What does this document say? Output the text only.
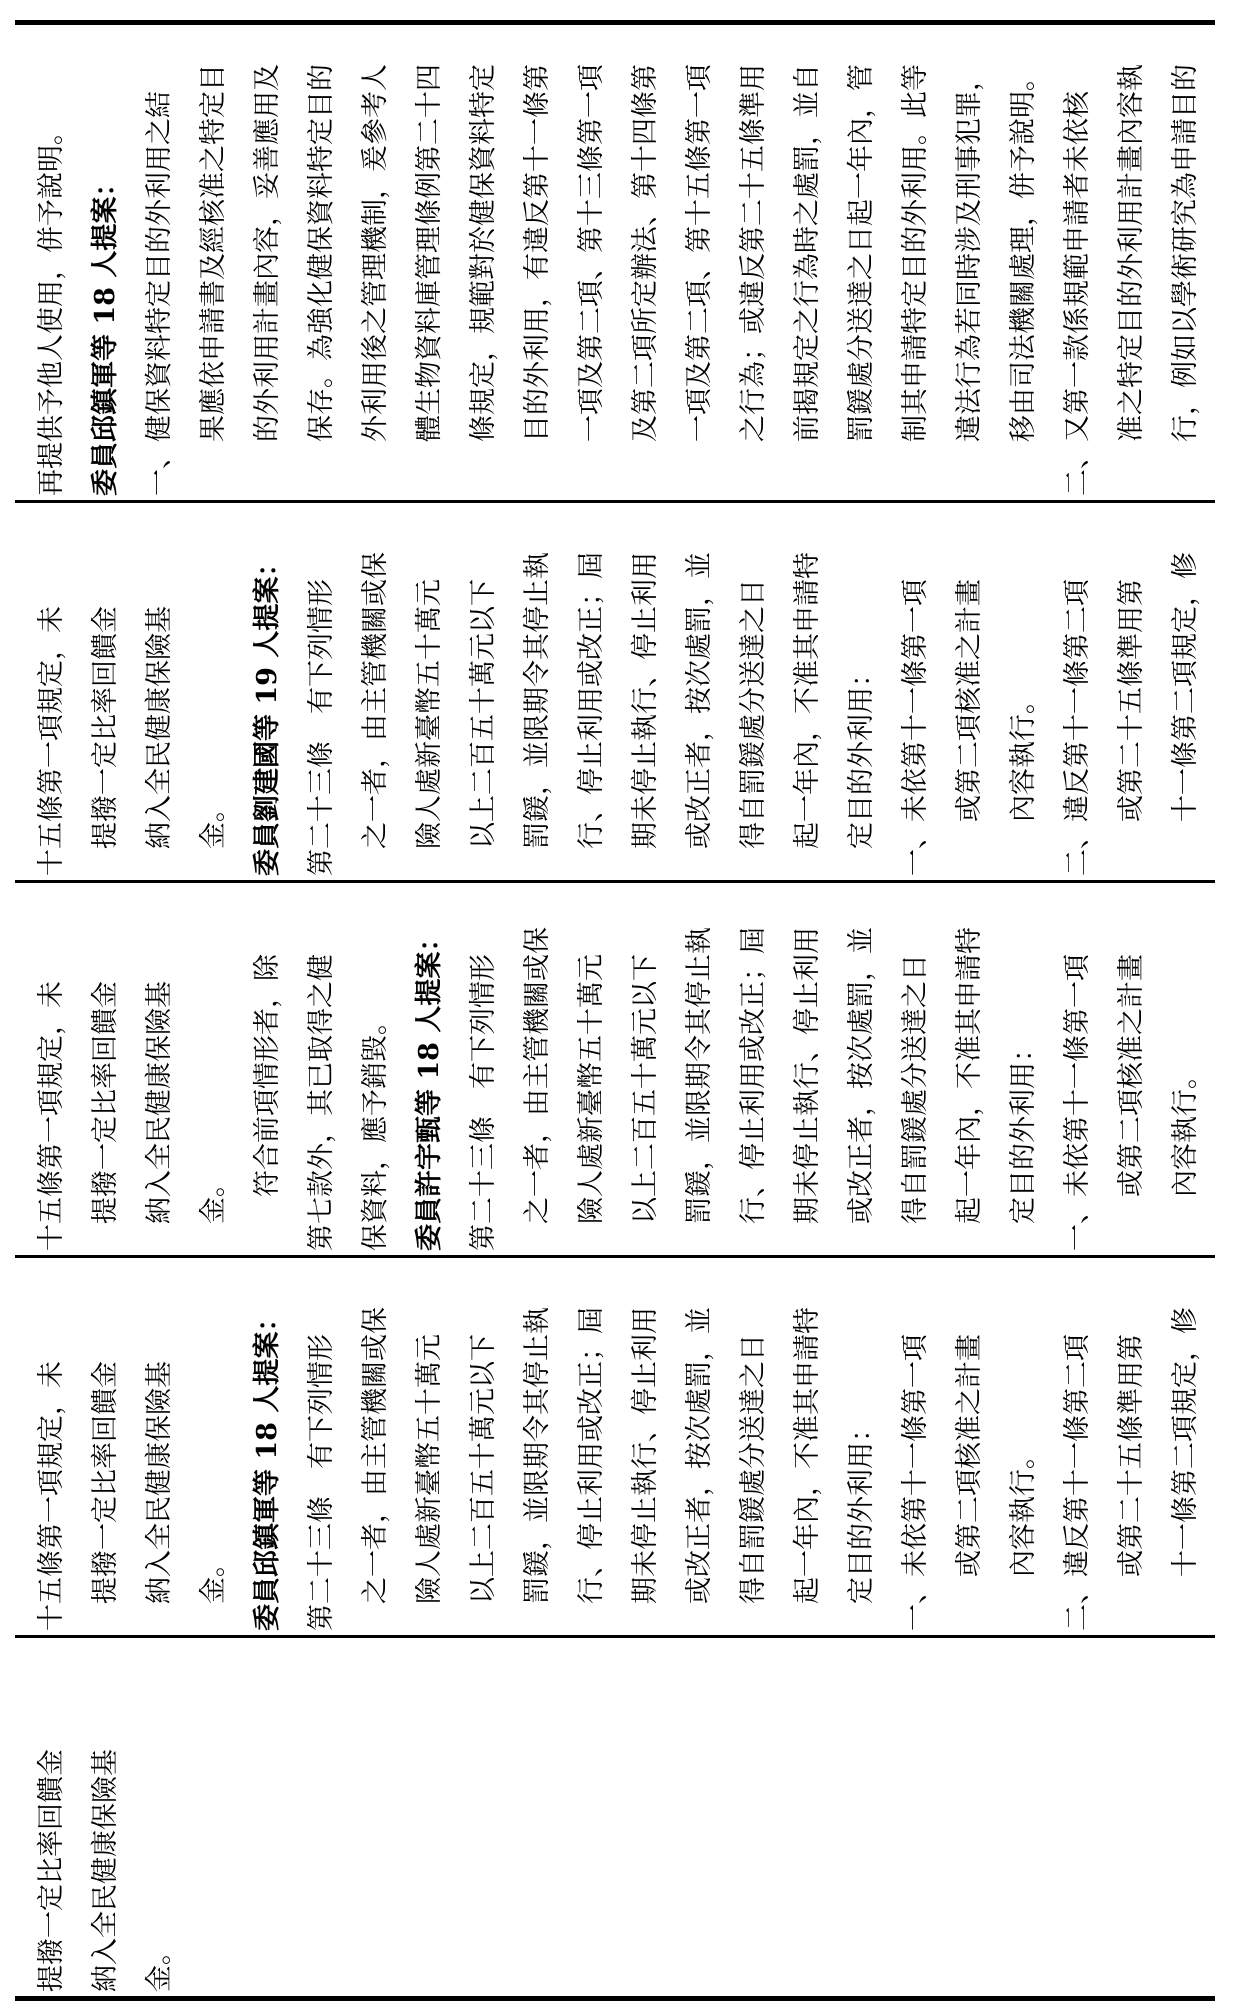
再提供予他人使用，併予說明。 委員邱鎮軍等 18 人提案： 一、健保資料特定目的外利用之結 果應依申請書及經核准之特定目 的外利用計畫內容，妥善應用及 保存。為強化健保資料特定目的 外利用後之管理機制，爰參考人 體生物資料庫管理條例第二十四 條規定，規範對於健保資料特定 目的外利用，有違反第十一條第 一項及第二項、第十三條第一項 及第二項所定辦法、第十四條第 一項及第二項、第十五條第一項 之行為；或違反第二十五條準用 前揭規定之行為時之處罰，並自 罰鍰處分送達之日起一年內，管 制其申請特定目的外利用。此等 違法行為若同時涉及刑事犯罪， 移由司法機關處理，併予說明。 二、又第一款係規範申請者未依核 准之特定目的外利用計畫內容執 行，例如以學術研究為申請目的
十五條第一項規定，未 提撥一定比率回饋金 納入全民健康保險基 金。 委員劉建國等 19 人提案： 第二十三條　有下列情形 之一者，由主管機關或保 險人處新臺幣五十萬元 以上二百五十萬元以下 罰鍰，並限期令其停止執 行、停止利用或改正；屆 期未停止執行、停止利用 或改正者，按次處罰，並 得自罰鍰處分送達之日 起一年內，不准其申請特 定目的外利用： 一、未依第十一條第一項 或第二項核准之計畫 內容執行。 二、違反第十一條第二項 或第二十五條準用第 十一條第二項規定，修
十五條第一項規定，未 提撥一定比率回饋金 納入全民健康保險基 金。 符合前項情形者，除 第七款外，其已取得之健 保資料，應予銷毀。 委員許宇甄等 18 人提案： 第二十三條　有下列情形 之一者，由主管機關或保 險人處新臺幣五十萬元 以上二百五十萬元以下 罰鍰，並限期令其停止執 行、停止利用或改正；屆 期未停止執行、停止利用 或改正者，按次處罰，並 得自罰鍰處分送達之日 起一年內，不准其申請特 定目的外利用： 一、未依第十一條第一項 或第二項核准之計畫 內容執行。
十五條第一項規定，未 提撥一定比率回饋金 納入全民健康保險基 金。 委員邱鎮軍等 18 人提案： 第二十三條　有下列情形 之一者，由主管機關或保 險人處新臺幣五十萬元 以上二百五十萬元以下 罰鍰，並限期令其停止執 行、停止利用或改正；屆 期未停止執行、停止利用 或改正者，按次處罰，並 得自罰鍰處分送達之日 起一年內，不准其申請特 定目的外利用： 一、未依第十一條第一項 或第二項核准之計畫 內容執行。 二、違反第十一條第二項 或第二十五條準用第 十一條第二項規定，修
提撥一定比率回饋金 納入全民健康保險基 金。
